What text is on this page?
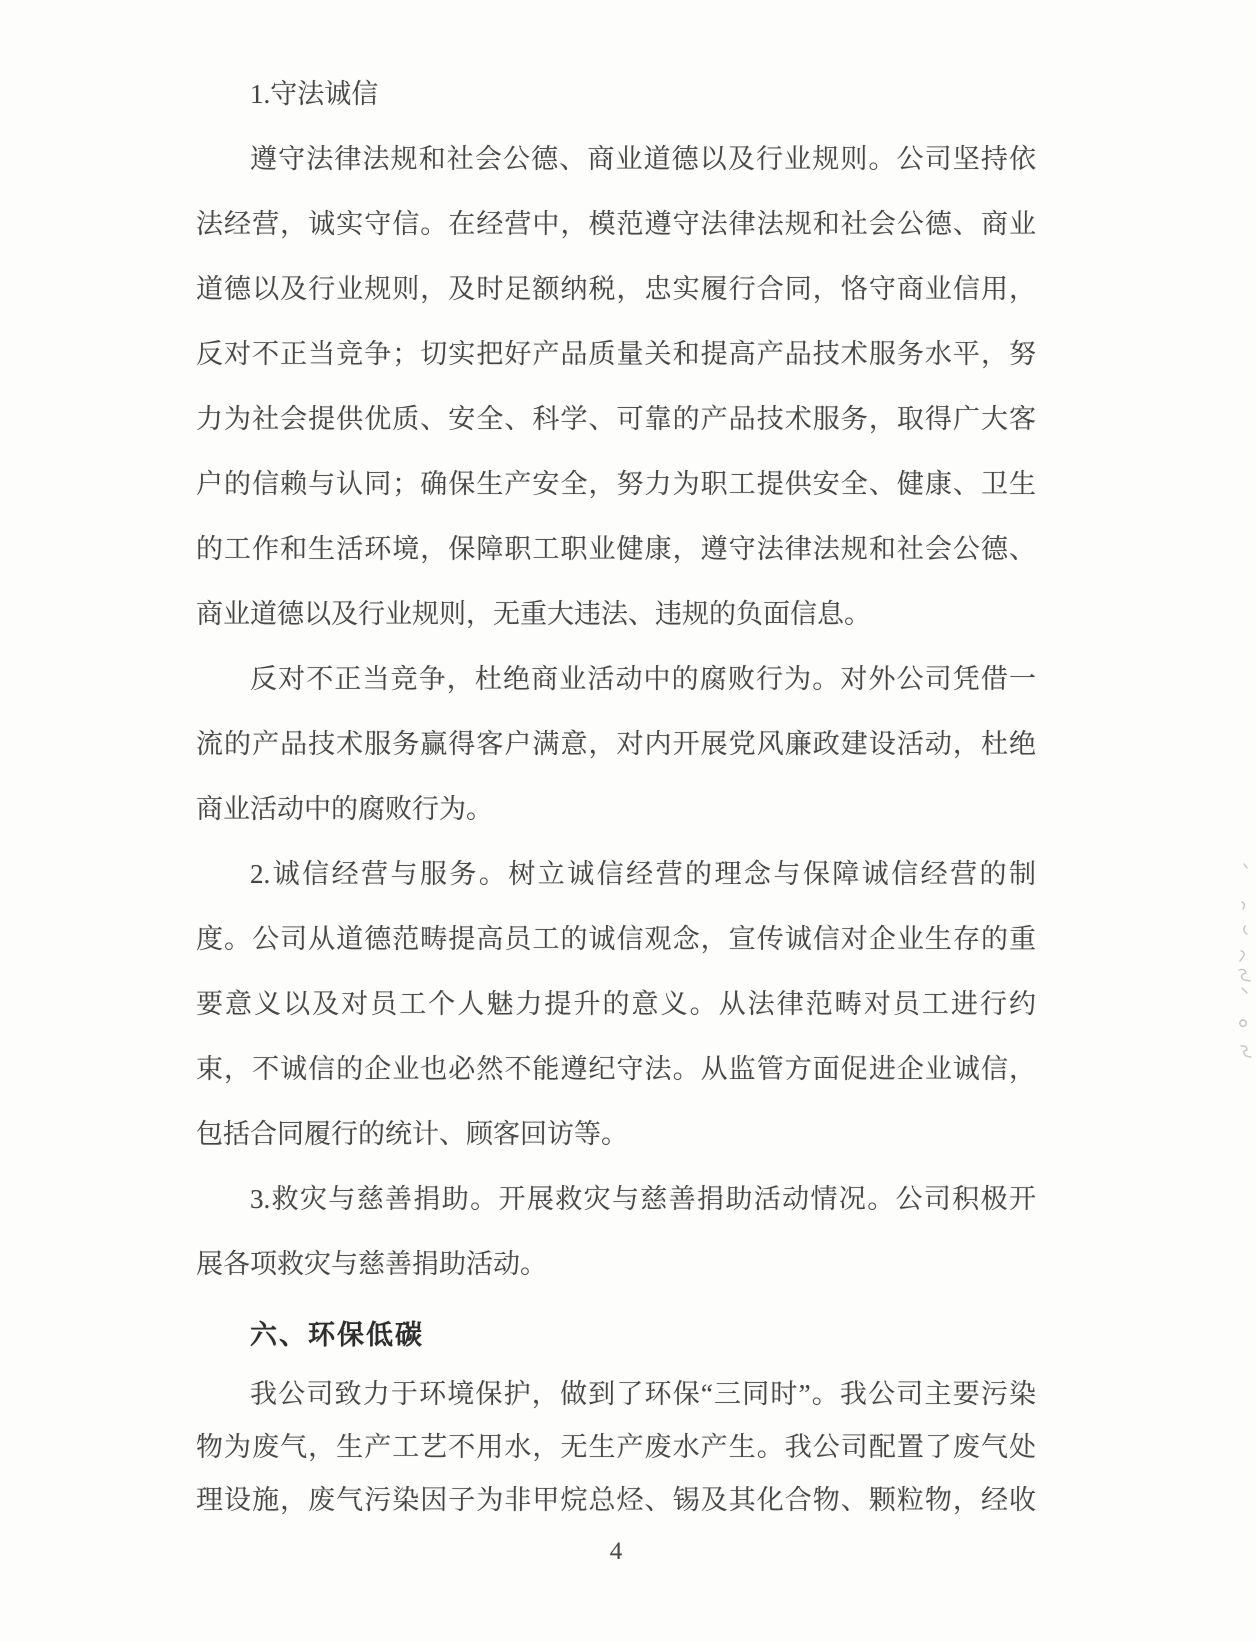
1.守法诚信

遵守法律法规和社会公德、商业道德以及行业规则。公司坚持依
法经营，诚实守信。在经营中，模范遵守法律法规和社会公德、商业
道德以及行业规则，及时足额纳税，忠实履行合同，恪守商业信用，
反对不正当竞争；切实把好产品质量关和提高产品技术服务水平，努
力为社会提供优质、安全、科学、可靠的产品技术服务，取得广大客
户的信赖与认同；确保生产安全，努力为职工提供安全、健康、卫生
的工作和生活环境，保障职工职业健康，遵守法律法规和社会公德、
商业道德以及行业规则，无重大违法、违规的负面信息。

反对不正当竞争，杜绝商业活动中的腐败行为。对外公司凭借一
流的产品技术服务赢得客户满意，对内开展党风廉政建设活动，杜绝
商业活动中的腐败行为。

2.诚信经营与服务。树立诚信经营的理念与保障诚信经营的制
度。公司从道德范畴提高员工的诚信观念，宣传诚信对企业生存的重
要意义以及对员工个人魅力提升的意义。从法律范畴对员工进行约
束，不诚信的企业也必然不能遵纪守法。从监管方面促进企业诚信，
包括合同履行的统计、顾客回访等。

3.救灾与慈善捐助。开展救灾与慈善捐助活动情况。公司积极开
展各项救灾与慈善捐助活动。

六、环保低碳

我公司致力于环境保护，做到了环保“三同时”。我公司主要污染
物为废气，生产工艺不用水，无生产废水产生。我公司配置了废气处
理设施，废气污染因子为非甲烷总烃、锡及其化合物、颗粒物，经收

4
